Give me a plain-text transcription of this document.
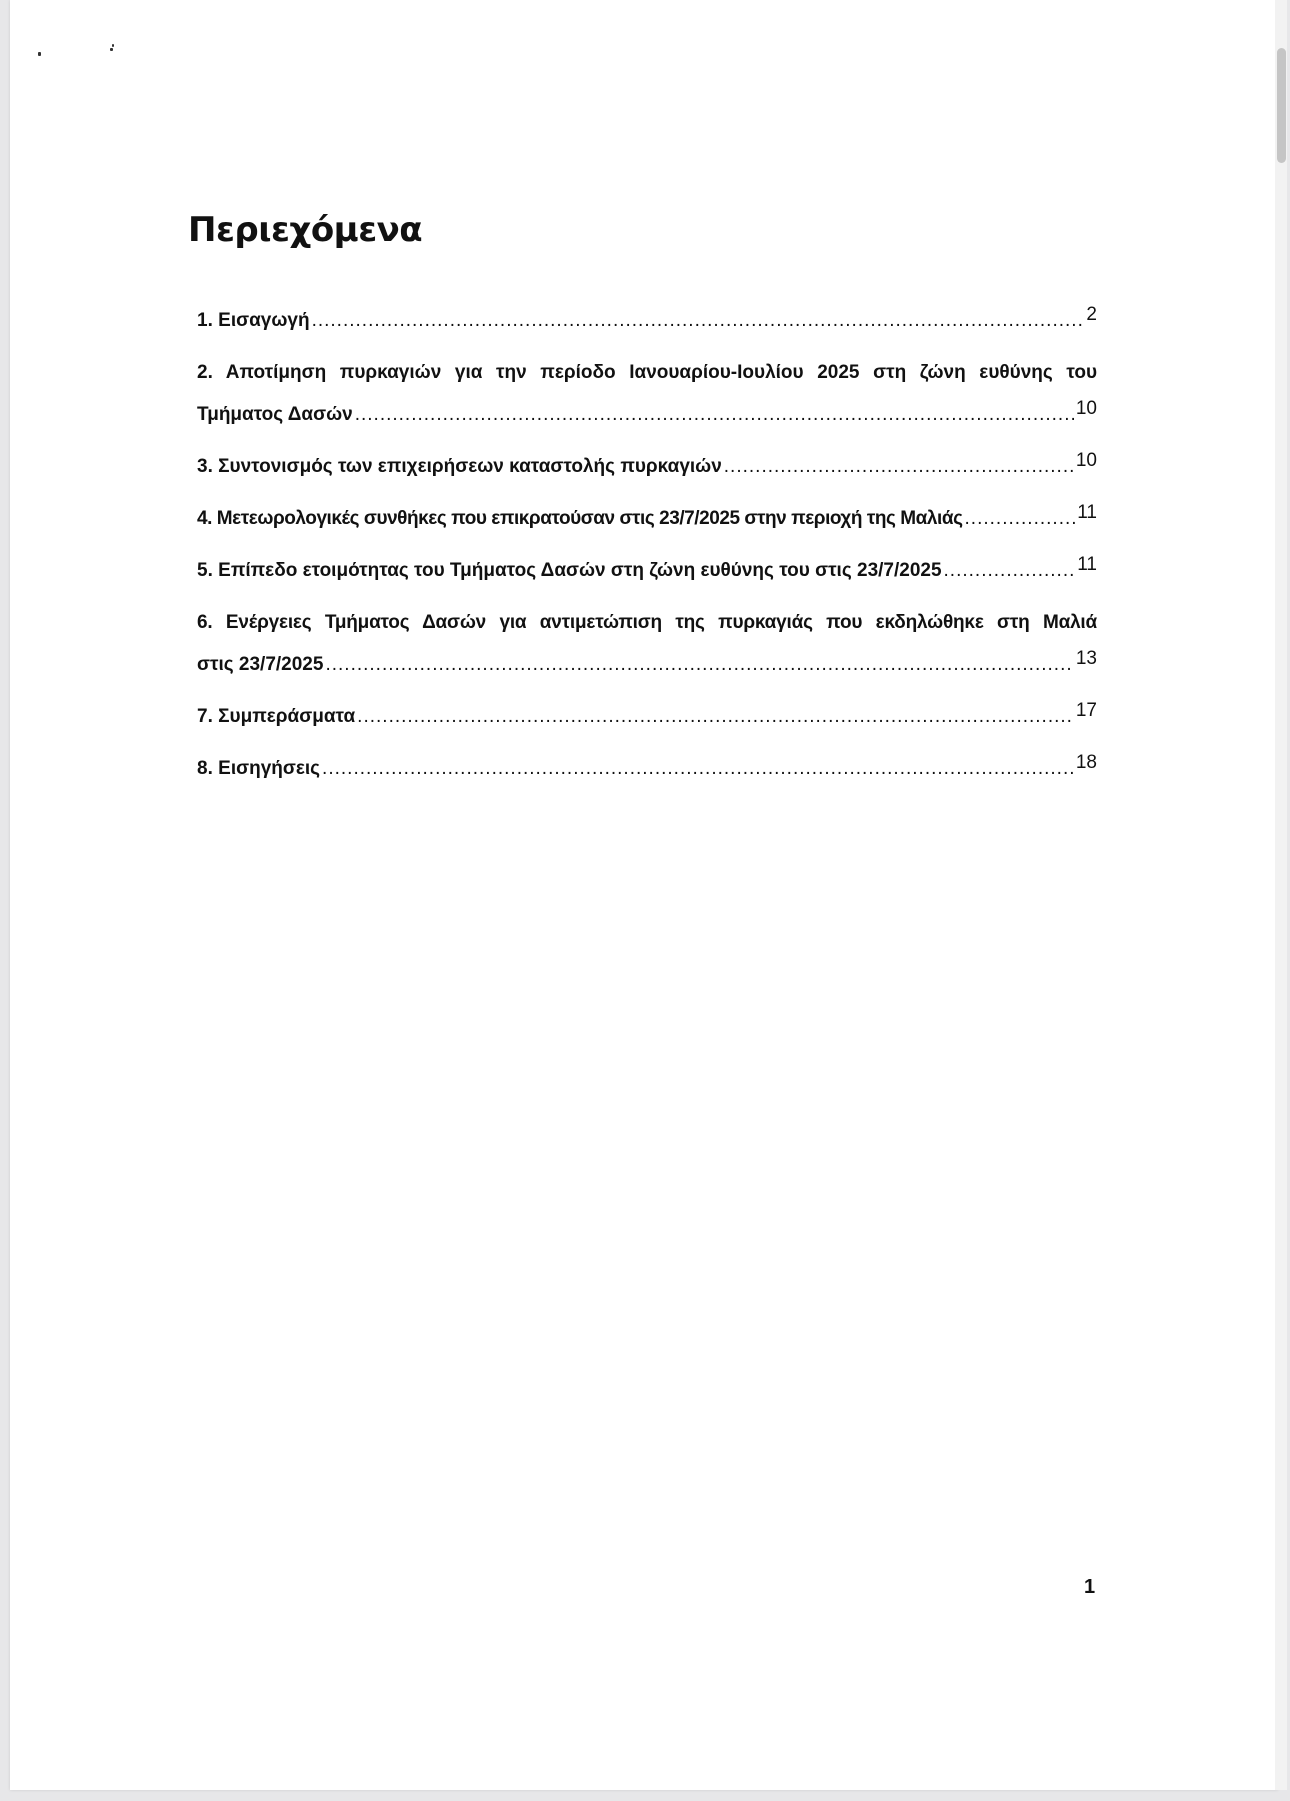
Περιεχόμενα
1. Εισαγωγή .....	2
2. Αποτίμηση πυρκαγιών για την περίοδο Ιανουαρίου-Ιουλίου 2025 στη ζώνη ευθύνης του
Τμήματος Δασών .....	10
3. Συντονισμός των επιχειρήσεων καταστολής πυρκαγιών .....	10
4. Μετεωρολογικές συνθήκες που επικρατούσαν στις 23/7/2025 στην περιοχή της Μαλιάς .....	11
5. Επίπεδο ετοιμότητας του Τμήματος Δασών στη ζώνη ευθύνης του στις 23/7/2025 .....	11
6. Ενέργειες Τμήματος Δασών για αντιμετώπιση της πυρκαγιάς που εκδηλώθηκε στη Μαλιά
στις 23/7/2025 .....	13
7. Συμπεράσματα .....	17
8. Εισηγήσεις .....	18
1
